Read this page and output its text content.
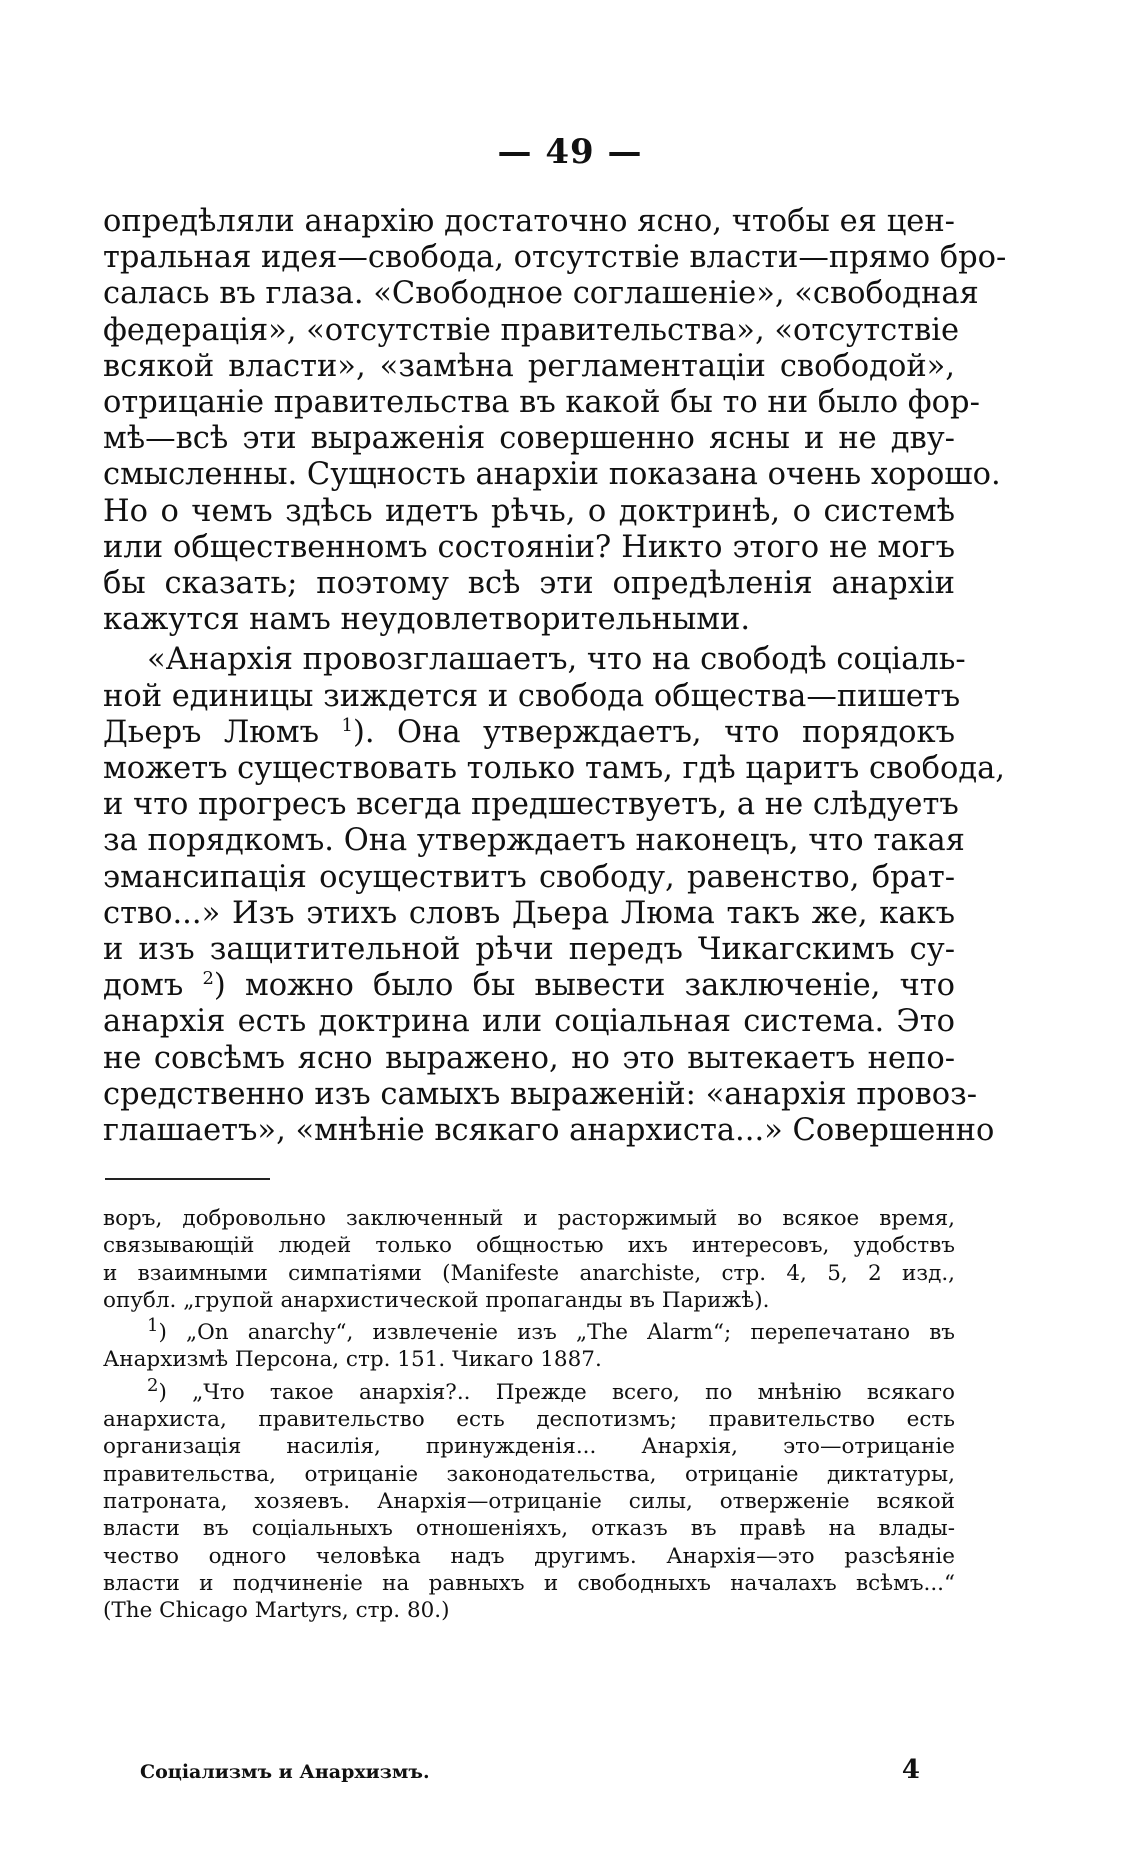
— 49 —
опредѣляли анархію достаточно ясно, чтобы ея цен-
тральная идея—свобода, отсутствіе власти—прямо бро-
салась въ глаза. «Свободное соглашеніе», «свободная
федерація», «отсутствіе правительства», «отсутствіе
всякой власти», «замѣна регламентаціи свободой»,
отрицаніе правительства въ какой бы то ни было фор-
мѣ—всѣ эти выраженія совершенно ясны и не дву-
смысленны. Сущность анархіи показана очень хорошо.
Но о чемъ здѣсь идетъ рѣчь, о доктринѣ, о системѣ
или общественномъ состояніи? Никто этого не могъ
бы сказать; поэтому всѣ эти опредѣленія анархіи
кажутся намъ неудовлетворительными.
«Анархія провозглашаетъ, что на свободѣ соціаль-
ной единицы зиждется и свобода общества—пишетъ
Дьеръ Люмъ $^1$). Она утверждаетъ, что порядокъ
можетъ существовать только тамъ, гдѣ царитъ свобода,
и что прогресъ всегда предшествуетъ, а не слѣдуетъ
за порядкомъ. Она утверждаетъ наконецъ, что такая
эмансипація осуществитъ свободу, равенство, брат-
ство...» Изъ этихъ словъ Дьера Люма такъ же, какъ
и изъ защитительной рѣчи передъ Чикагскимъ су-
домъ $^2$) можно было бы вывести заключеніе, что
анархія есть доктрина или соціальная система. Это
не совсѣмъ ясно выражено, но это вытекаетъ непо-
средственно изъ самыхъ выраженій: «анархія провоз-
глашаетъ», «мнѣніе всякаго анархиста...» Совершенно
воръ, добровольно заключенный и расторжимый во всякое время,
связывающій людей только общностью ихъ интересовъ, удобствъ
и взаимными симпатіями (Manifeste anarchiste, стр. 4, 5, 2 изд.,
опубл. „групой анархистической пропаганды въ Парижѣ).
$^1$) „On anarchy“, извлеченіе изъ „The Alarm“; перепечатано въ
Анархизмѣ Персона, стр. 151. Чикаго 1887.
$^2$) „Что такое анархія?.. Прежде всего, по мнѣнію всякаго
анархиста, правительство есть деспотизмъ; правительство есть
организація насилія, принужденія... Анархія, это—отрицаніе
правительства, отрицаніе законодательства, отрицаніе диктатуры,
патроната, хозяевъ. Анархія—отрицаніе силы, отверженіе всякой
власти въ соціальныхъ отношеніяхъ, отказъ въ правѣ на влады-
чество одного человѣка надъ другимъ. Анархія—это разсѣяніе
власти и подчиненіе на равныхъ и свободныхъ началахъ всѣмъ...“
(The Chicago Martyrs, стр. 80.)
Соціализмъ и Анархизмъ.	4
